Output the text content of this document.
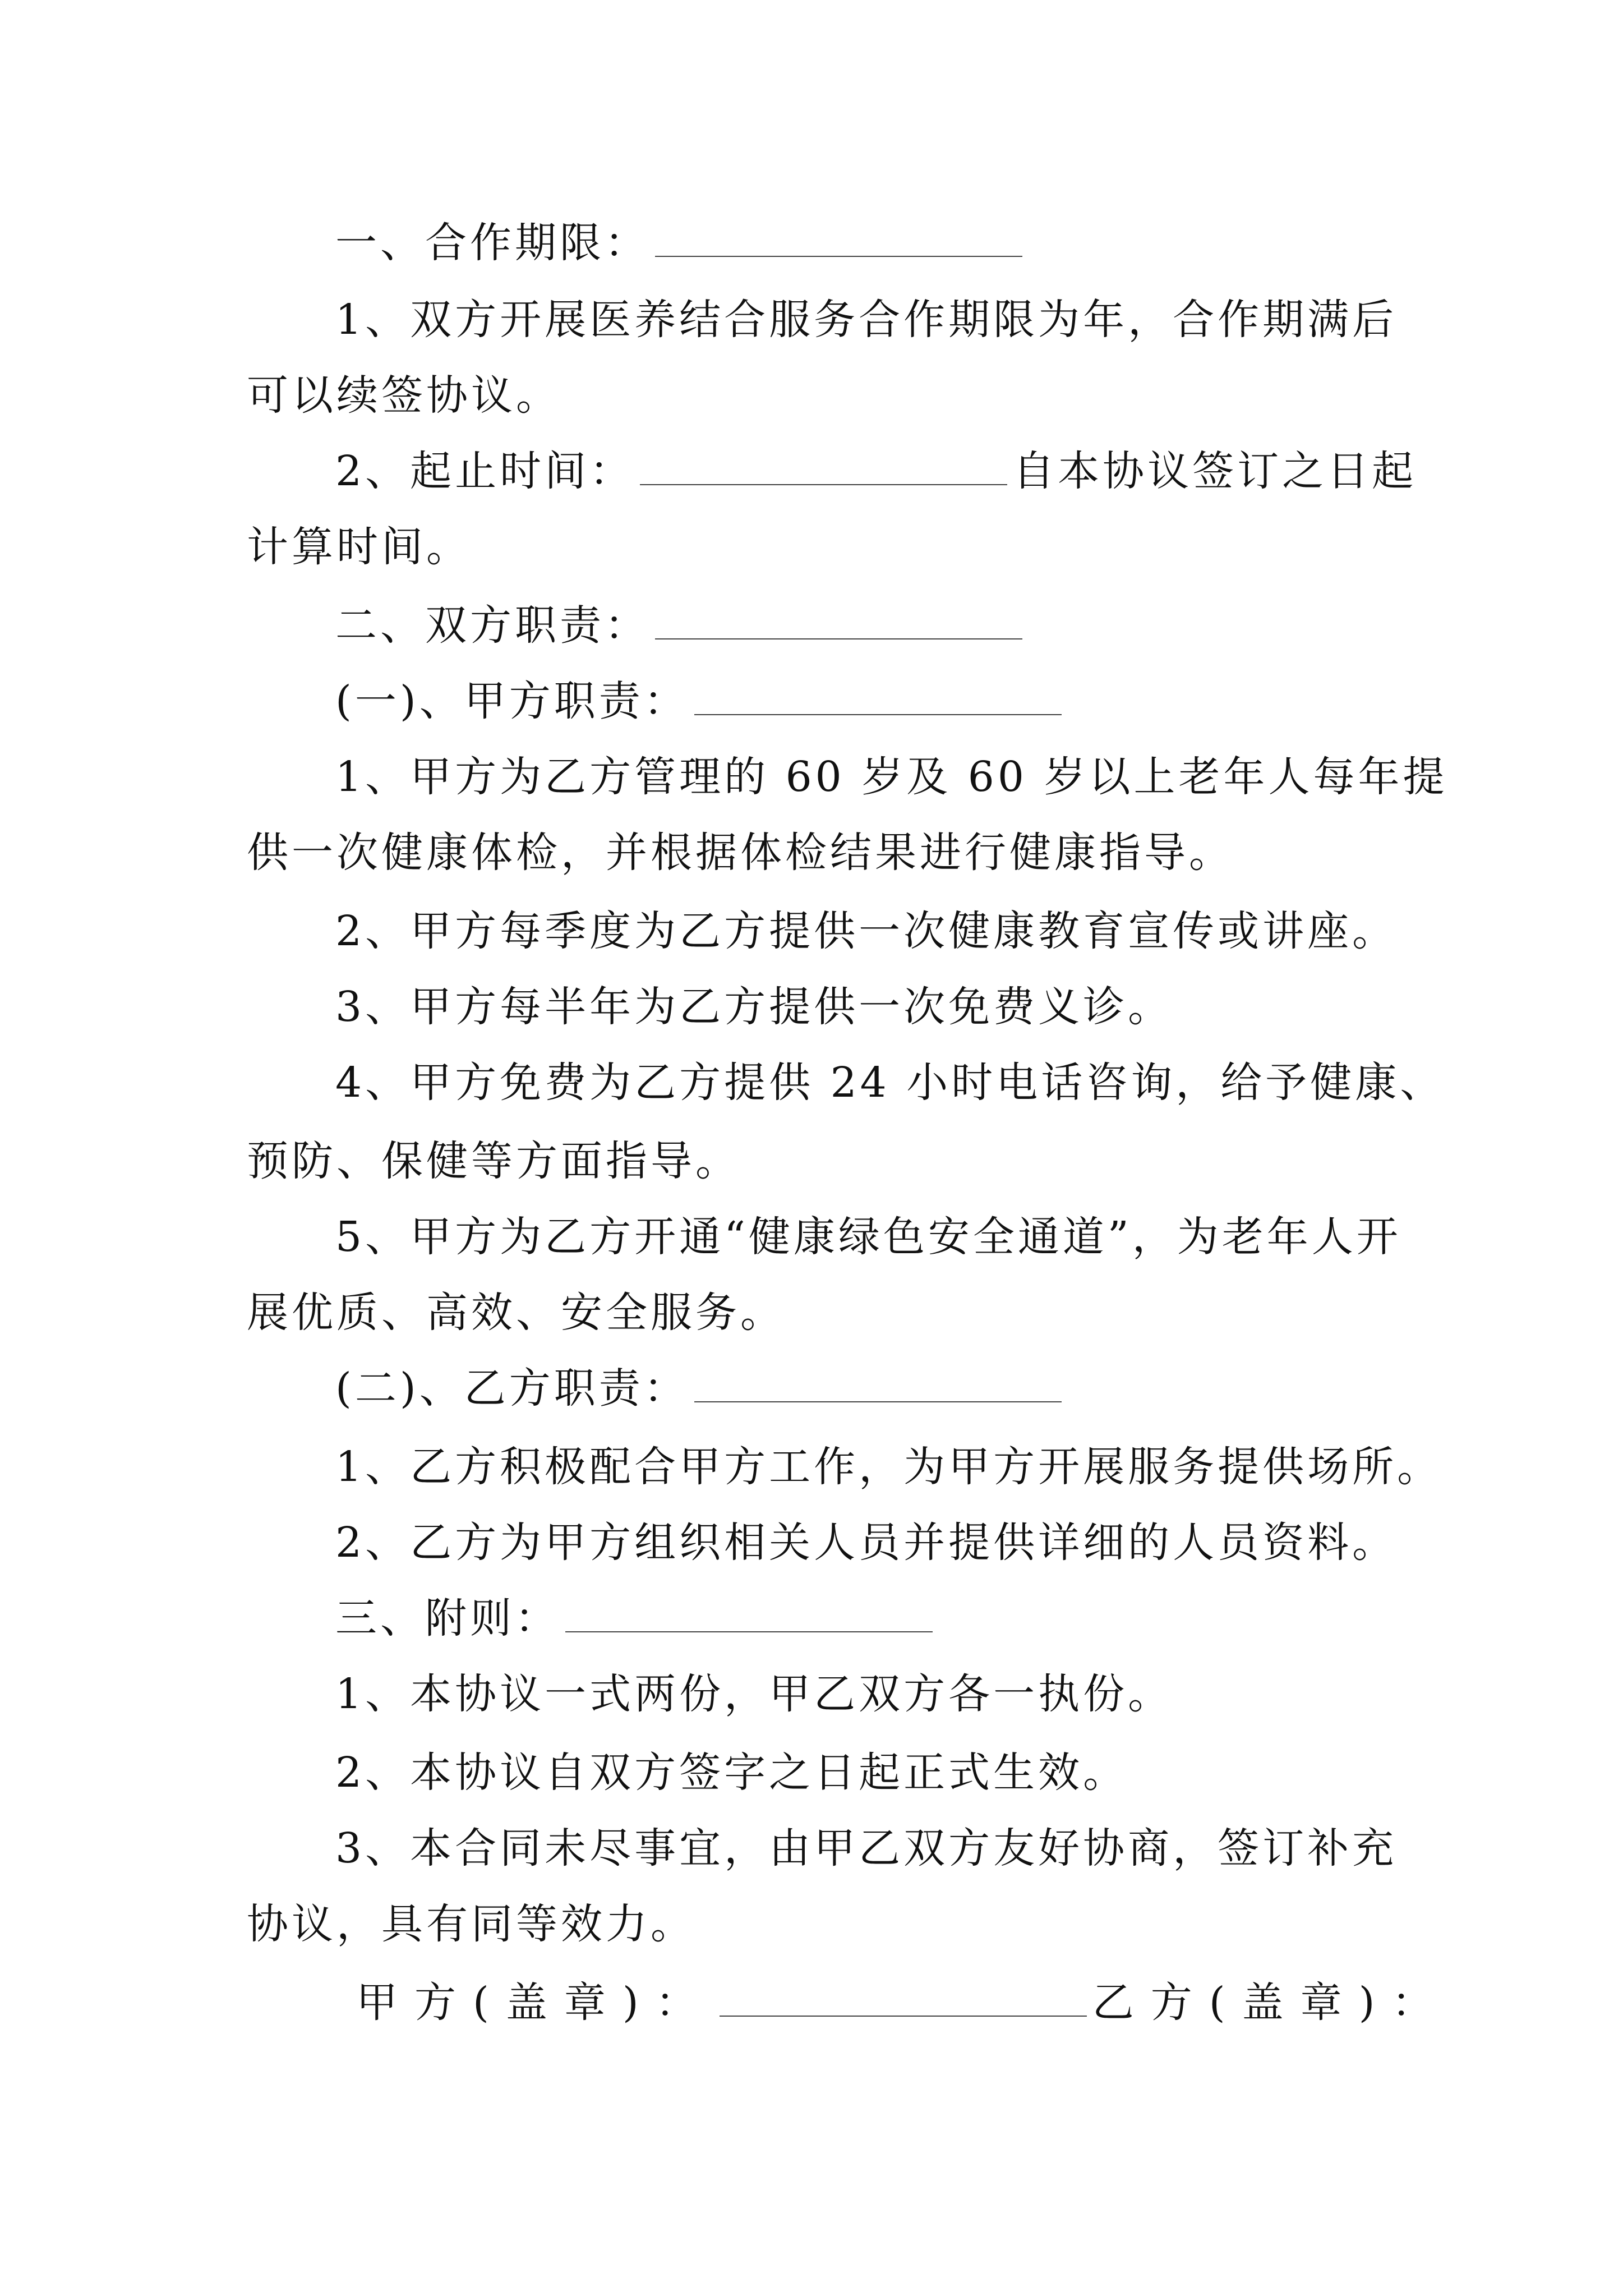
一、合作期限：
1、双方开展医养结合服务合作期限为年，合作期满后
可以续签协议。
2、起止时间：	自本协议签订之日起
计算时间。
二、双方职责：
(一)、甲方职责：
1、甲方为乙方管理的 60 岁及 60 岁以上老年人每年提
供一次健康体检，并根据体检结果进行健康指导。
2、甲方每季度为乙方提供一次健康教育宣传或讲座。
3、甲方每半年为乙方提供一次免费义诊。
4、甲方免费为乙方提供 24 小时电话咨询，给予健康、
预防、保健等方面指导。
5、甲方为乙方开通“健康绿色安全通道”，为老年人开
展优质、高效、安全服务。
(二)、乙方职责：
1、乙方积极配合甲方工作，为甲方开展服务提供场所。
2、乙方为甲方组织相关人员并提供详细的人员资料。
三、附则：
1、本协议一式两份，甲乙双方各一执份。
2、本协议自双方签字之日起正式生效。
3、本合同未尽事宜，由甲乙双方友好协商，签订补充
协议，具有同等效力。
甲方(盖章)：	乙方(盖章)：
